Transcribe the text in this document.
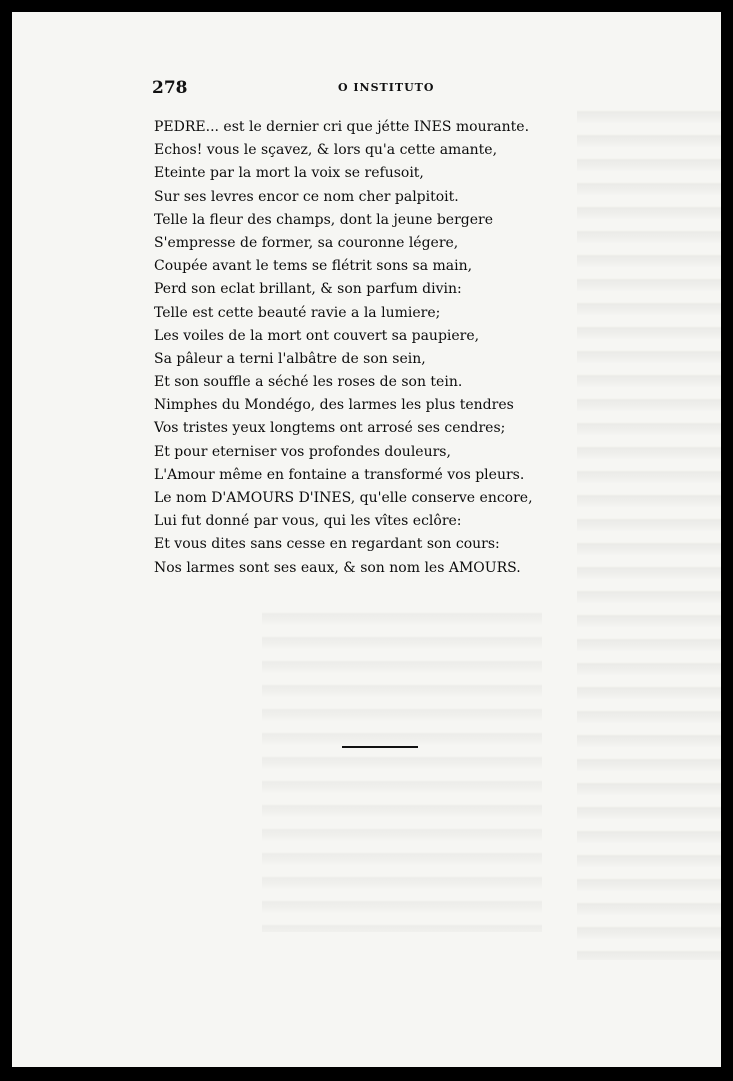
278	O INSTITUTO
PEDRE... est le dernier cri que jétte INES mourante.
Echos! vous le sçavez, & lors qu'a cette amante,
Eteinte par la mort la voix se refusoit,
Sur ses levres encor ce nom cher palpitoit.
Telle la fleur des champs, dont la jeune bergere
S'empresse de former, sa couronne légere,
Coupée avant le tems se flétrit sons sa main,
Perd son eclat brillant, & son parfum divin:
Telle est cette beauté ravie a la lumiere;
Les voiles de la mort ont couvert sa paupiere,
Sa pâleur a terni l'albâtre de son sein,
Et son souffle a séché les roses de son tein.
Nimphes du Mondégo, des larmes les plus tendres
Vos tristes yeux longtems ont arrosé ses cendres;
Et pour eterniser vos profondes douleurs,
L'Amour même en fontaine a transformé vos pleurs.
Le nom D'AMOURS D'INES, qu'elle conserve encore,
Lui fut donné par vous, qui les vîtes eclôre:
Et vous dites sans cesse en regardant son cours:
Nos larmes sont ses eaux, & son nom les AMOURS.
